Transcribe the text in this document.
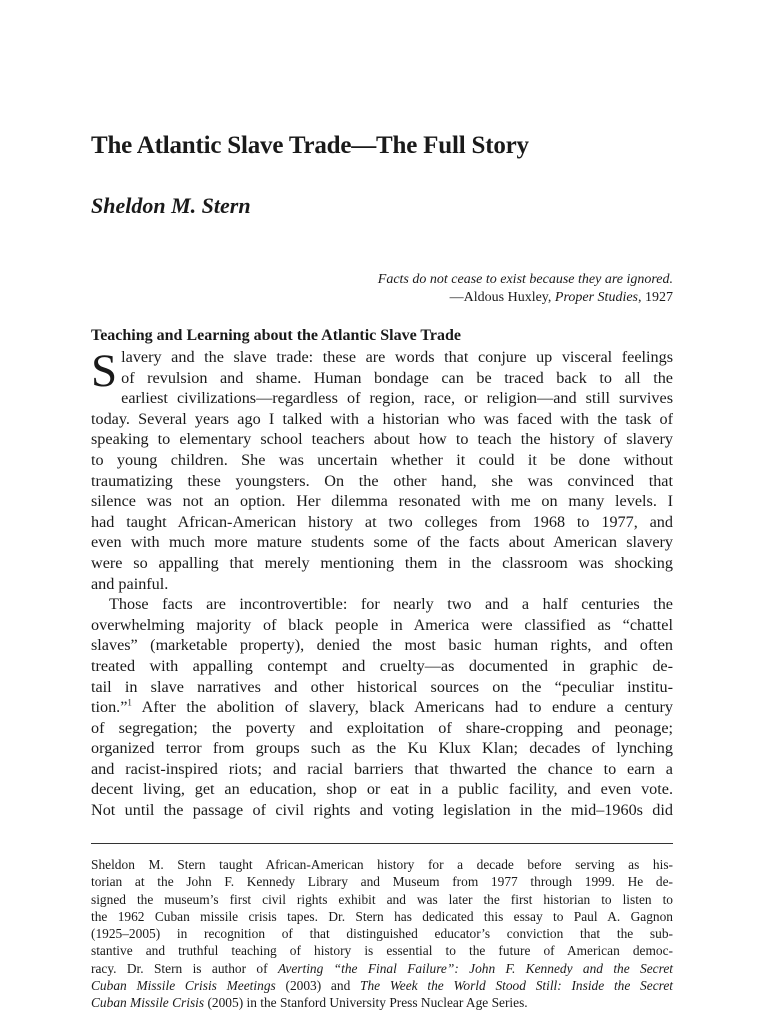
The Atlantic Slave Trade—The Full Story
Sheldon M. Stern
Facts do not cease to exist because they are ignored.
—Aldous Huxley, Proper Studies, 1927
Teaching and Learning about the Atlantic Slave Trade

S lavery and the slave trade: these are words that conjure up visceral feelings
of revulsion and shame. Human bondage can be traced back to all the
earliest civilizations—regardless of region, race, or religion—and still survives
today. Several years ago I talked with a historian who was faced with the task of
speaking to elementary school teachers about how to teach the history of slavery
to young children. She was uncertain whether it could it be done without
traumatizing these youngsters. On the other hand, she was convinced that
silence was not an option. Her dilemma resonated with me on many levels. I
had taught African-American history at two colleges from 1968 to 1977, and
even with much more mature students some of the facts about American slavery
were so appalling that merely mentioning them in the classroom was shocking
and painful.

Those facts are incontrovertible: for nearly two and a half centuries the
overwhelming majority of black people in America were classified as “chattel
slaves” (marketable property), denied the most basic human rights, and often
treated with appalling contempt and cruelty—as documented in graphic de-
tail in slave narratives and other historical sources on the “peculiar institu-
tion.”$^1$ After the abolition of slavery, black Americans had to endure a century
of segregation; the poverty and exploitation of share-cropping and peonage;
organized terror from groups such as the Ku Klux Klan; decades of lynching
and racist-inspired riots; and racial barriers that thwarted the chance to earn a
decent living, get an education, shop or eat in a public facility, and even vote.
Not until the passage of civil rights and voting legislation in the mid–1960s did

Sheldon M. Stern taught African-American history for a decade before serving as his-
torian at the John F. Kennedy Library and Museum from 1977 through 1999. He de-
signed the museum’s first civil rights exhibit and was later the first historian to listen to
the 1962 Cuban missile crisis tapes. Dr. Stern has dedicated this essay to Paul A. Gagnon
(1925–2005) in recognition of that distinguished educator’s conviction that the sub-
stantive and truthful teaching of history is essential to the future of American democ-
racy. Dr. Stern is author of Averting “the Final Failure”: John F. Kennedy and the Secret
Cuban Missile Crisis Meetings (2003) and The Week the World Stood Still: Inside the Secret
Cuban Missile Crisis (2005) in the Stanford University Press Nuclear Age Series.
